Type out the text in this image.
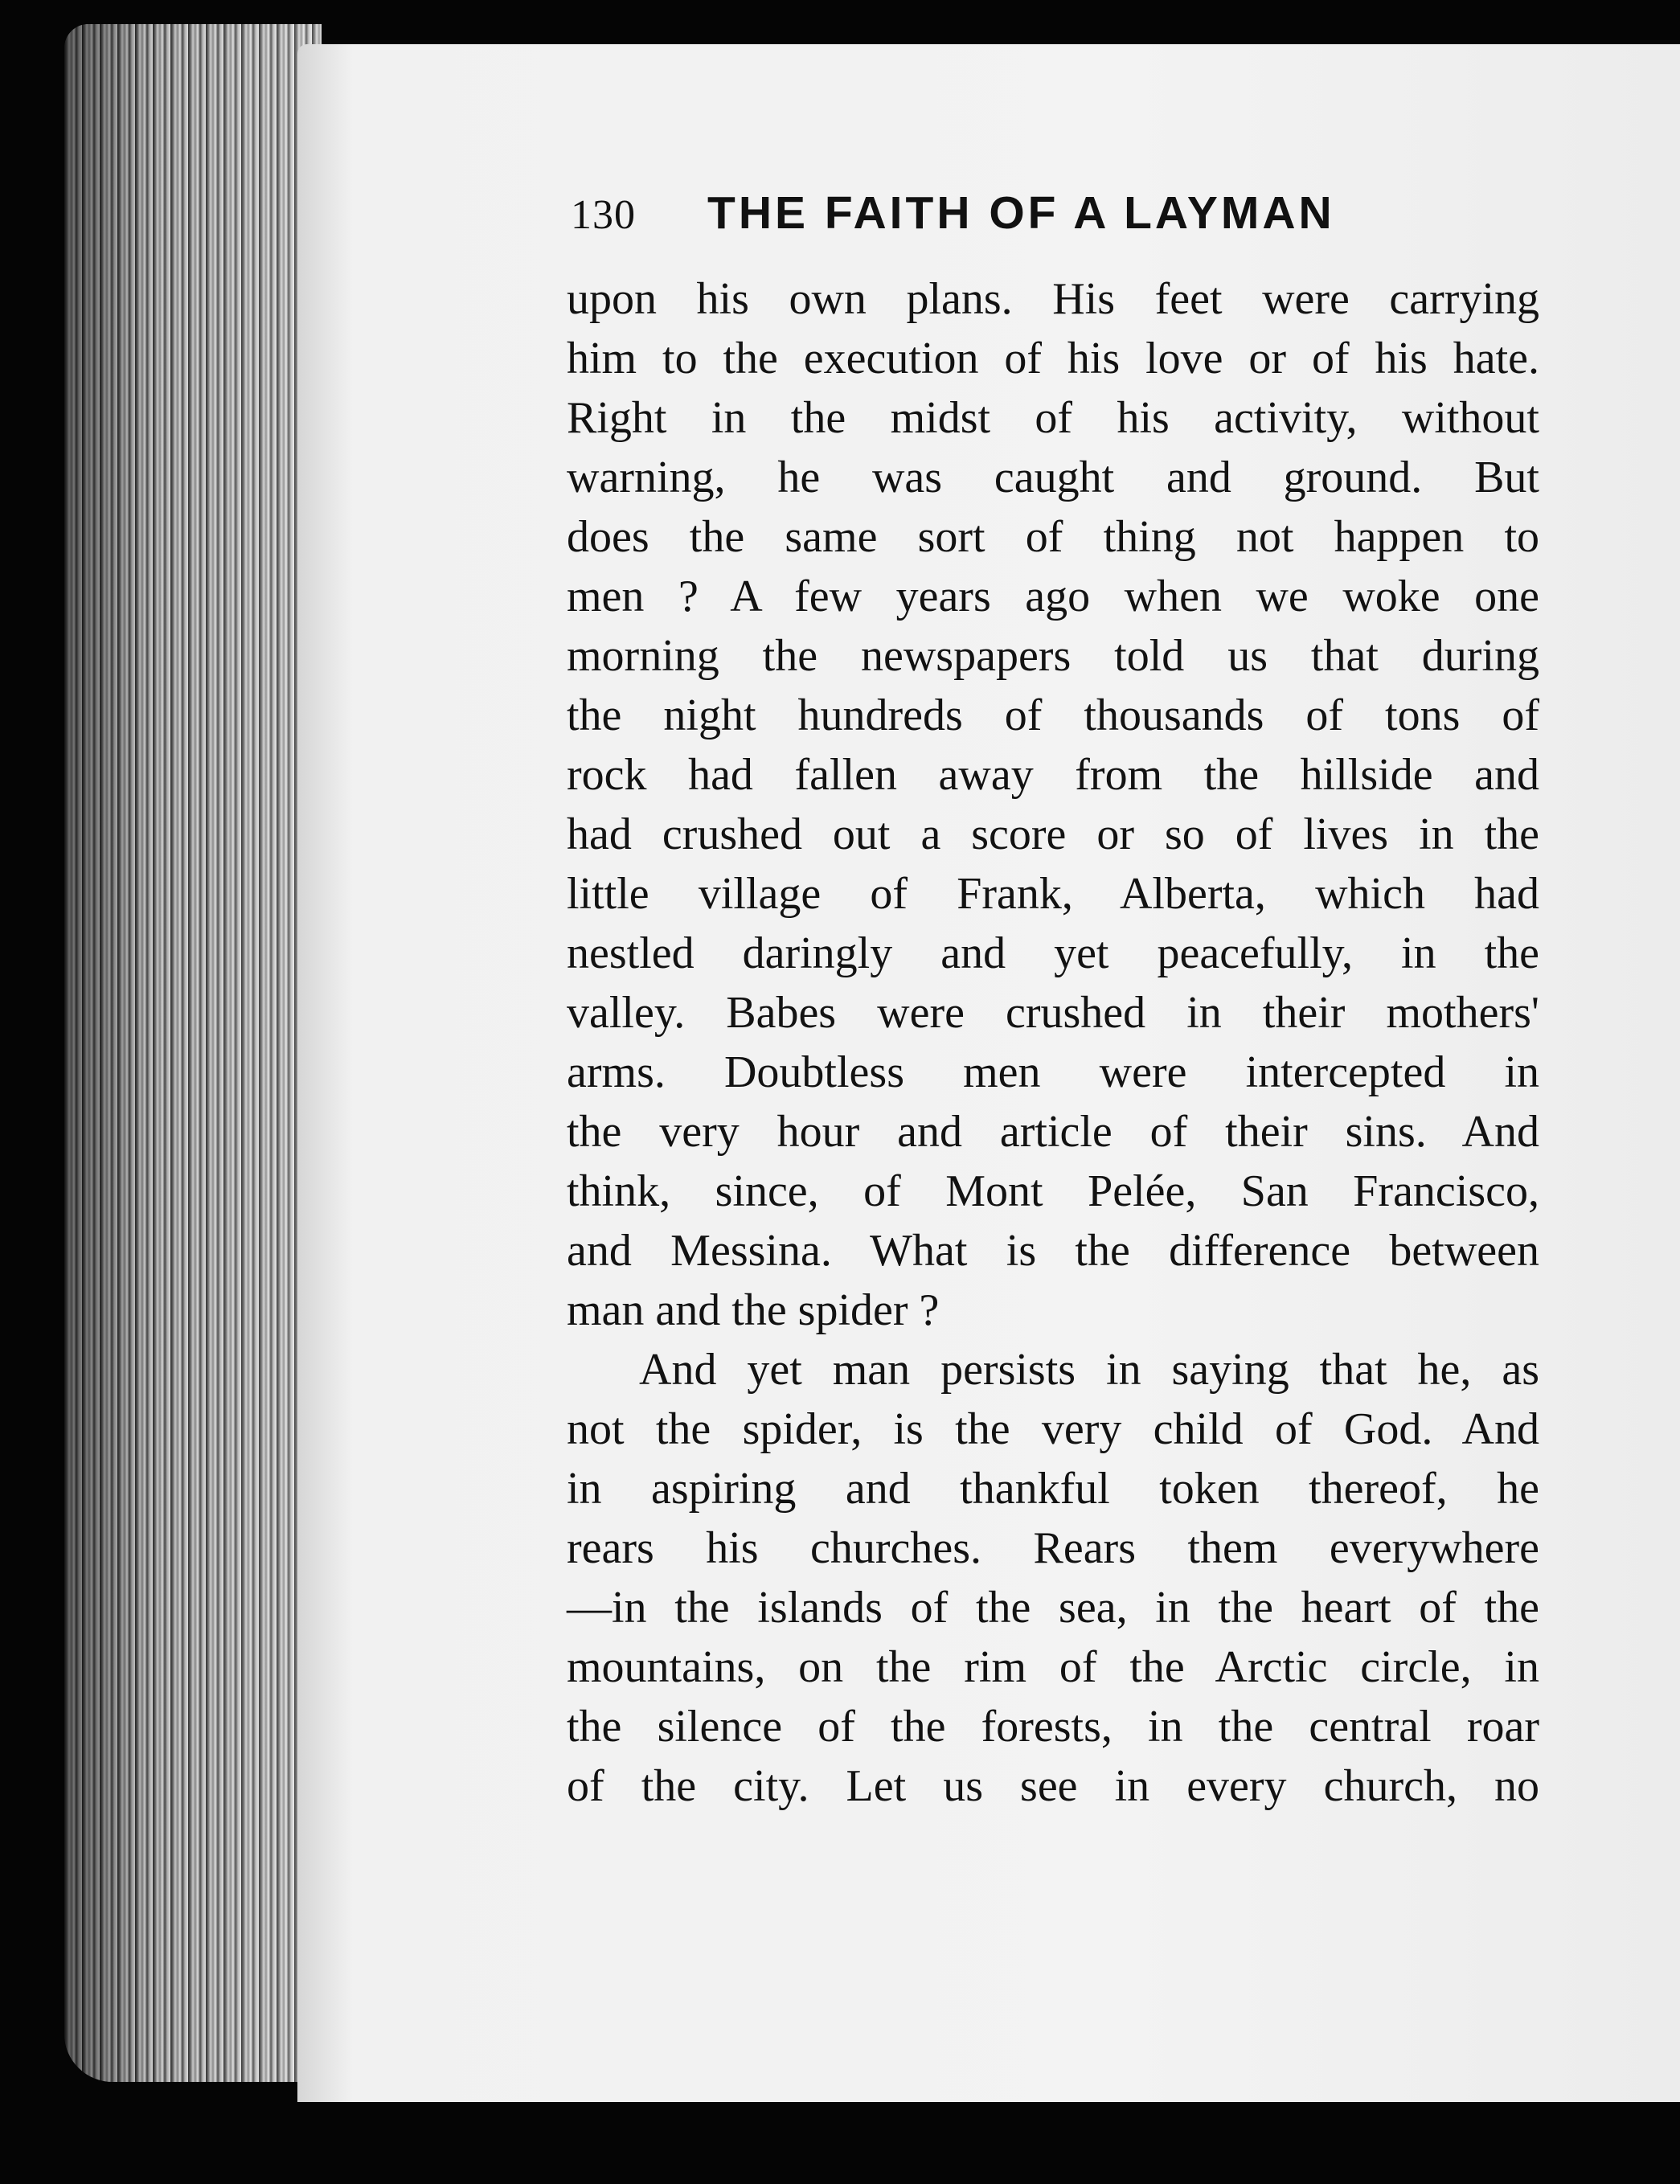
130 THE FAITH OF A LAYMAN
upon his own plans. His feet were carrying
him to the execution of his love or of his hate.
Right in the midst of his activity, without
warning, he was caught and ground. But
does the same sort of thing not happen to
men ? A few years ago when we woke one
morning the newspapers told us that during
the night hundreds of thousands of tons of
rock had fallen away from the hillside and
had crushed out a score or so of lives in the
little village of Frank, Alberta, which had
nestled daringly and yet peacefully, in the
valley. Babes were crushed in their mothers'
arms. Doubtless men were intercepted in
the very hour and article of their sins. And
think, since, of Mont Pelée, San Francisco,
and Messina. What is the difference between
man and the spider ?
And yet man persists in saying that he, as
not the spider, is the very child of God. And
in aspiring and thankful token thereof, he
rears his churches. Rears them everywhere
—in the islands of the sea, in the heart of the
mountains, on the rim of the Arctic circle, in
the silence of the forests, in the central roar
of the city. Let us see in every church, no
